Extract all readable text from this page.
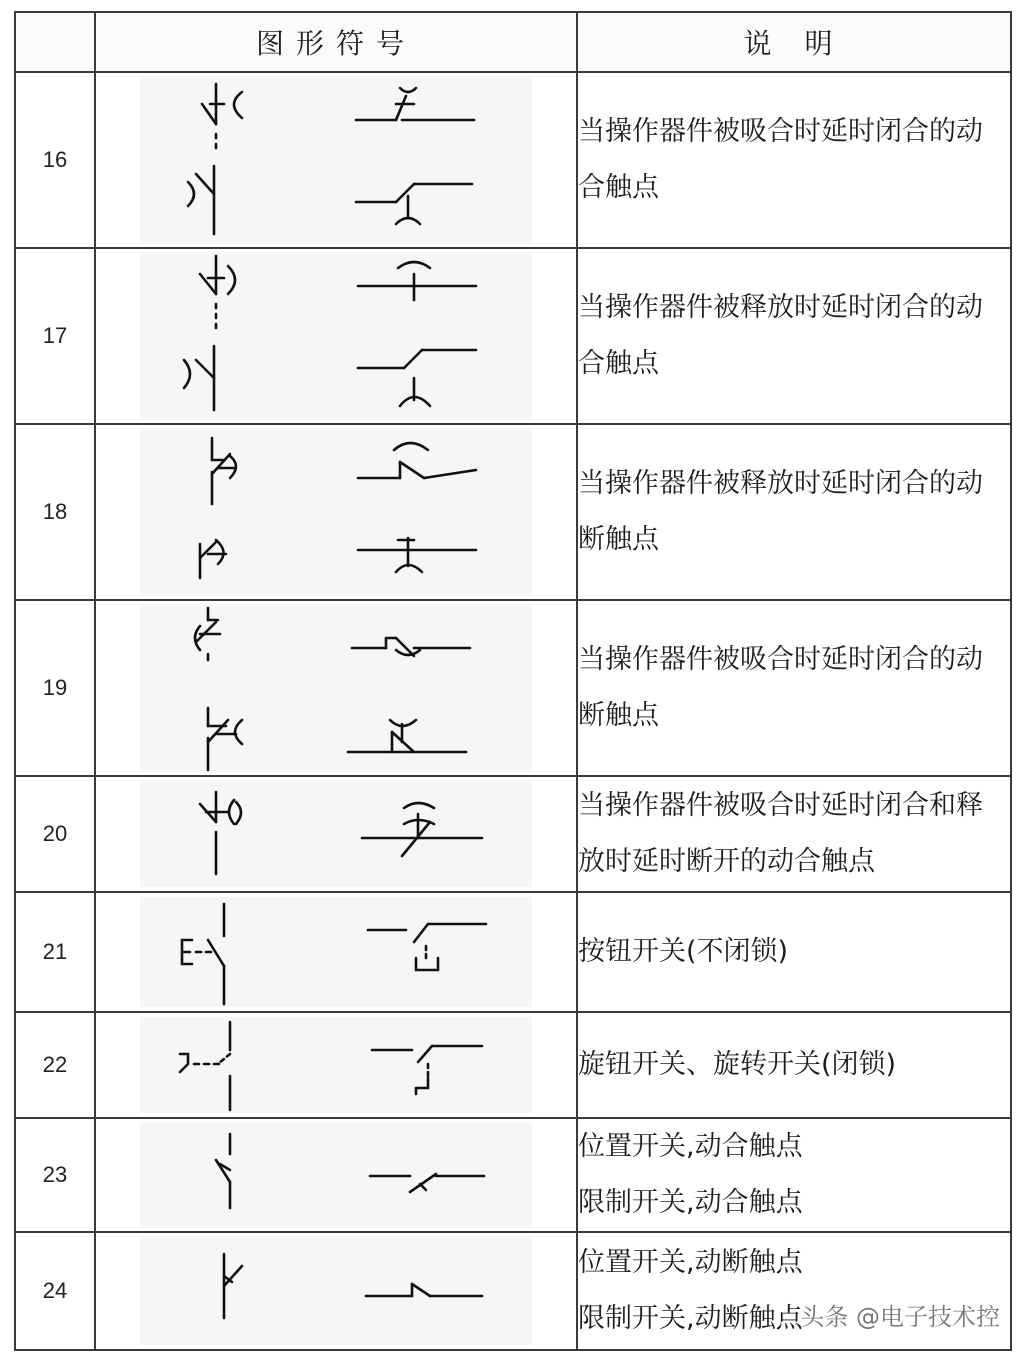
	图形符号	说 明
16		当操作器件被吸合时延时闭合的动
合触点

17		当操作器件被释放时延时闭合的动
合触点

18		当操作器件被释放时延时闭合的动
断触点

19		当操作器件被吸合时延时闭合的动
断触点

20		当操作器件被吸合时延时闭合和释
放时延时断开的动合触点

21		按钮开关(不闭锁)

22		旋钮开关、旋转开关(闭锁)

23		位置开关,动合触点
限制开关,动合触点

24		位置开关,动断触点
限制开关,动断触点
头条 @电子技术控
